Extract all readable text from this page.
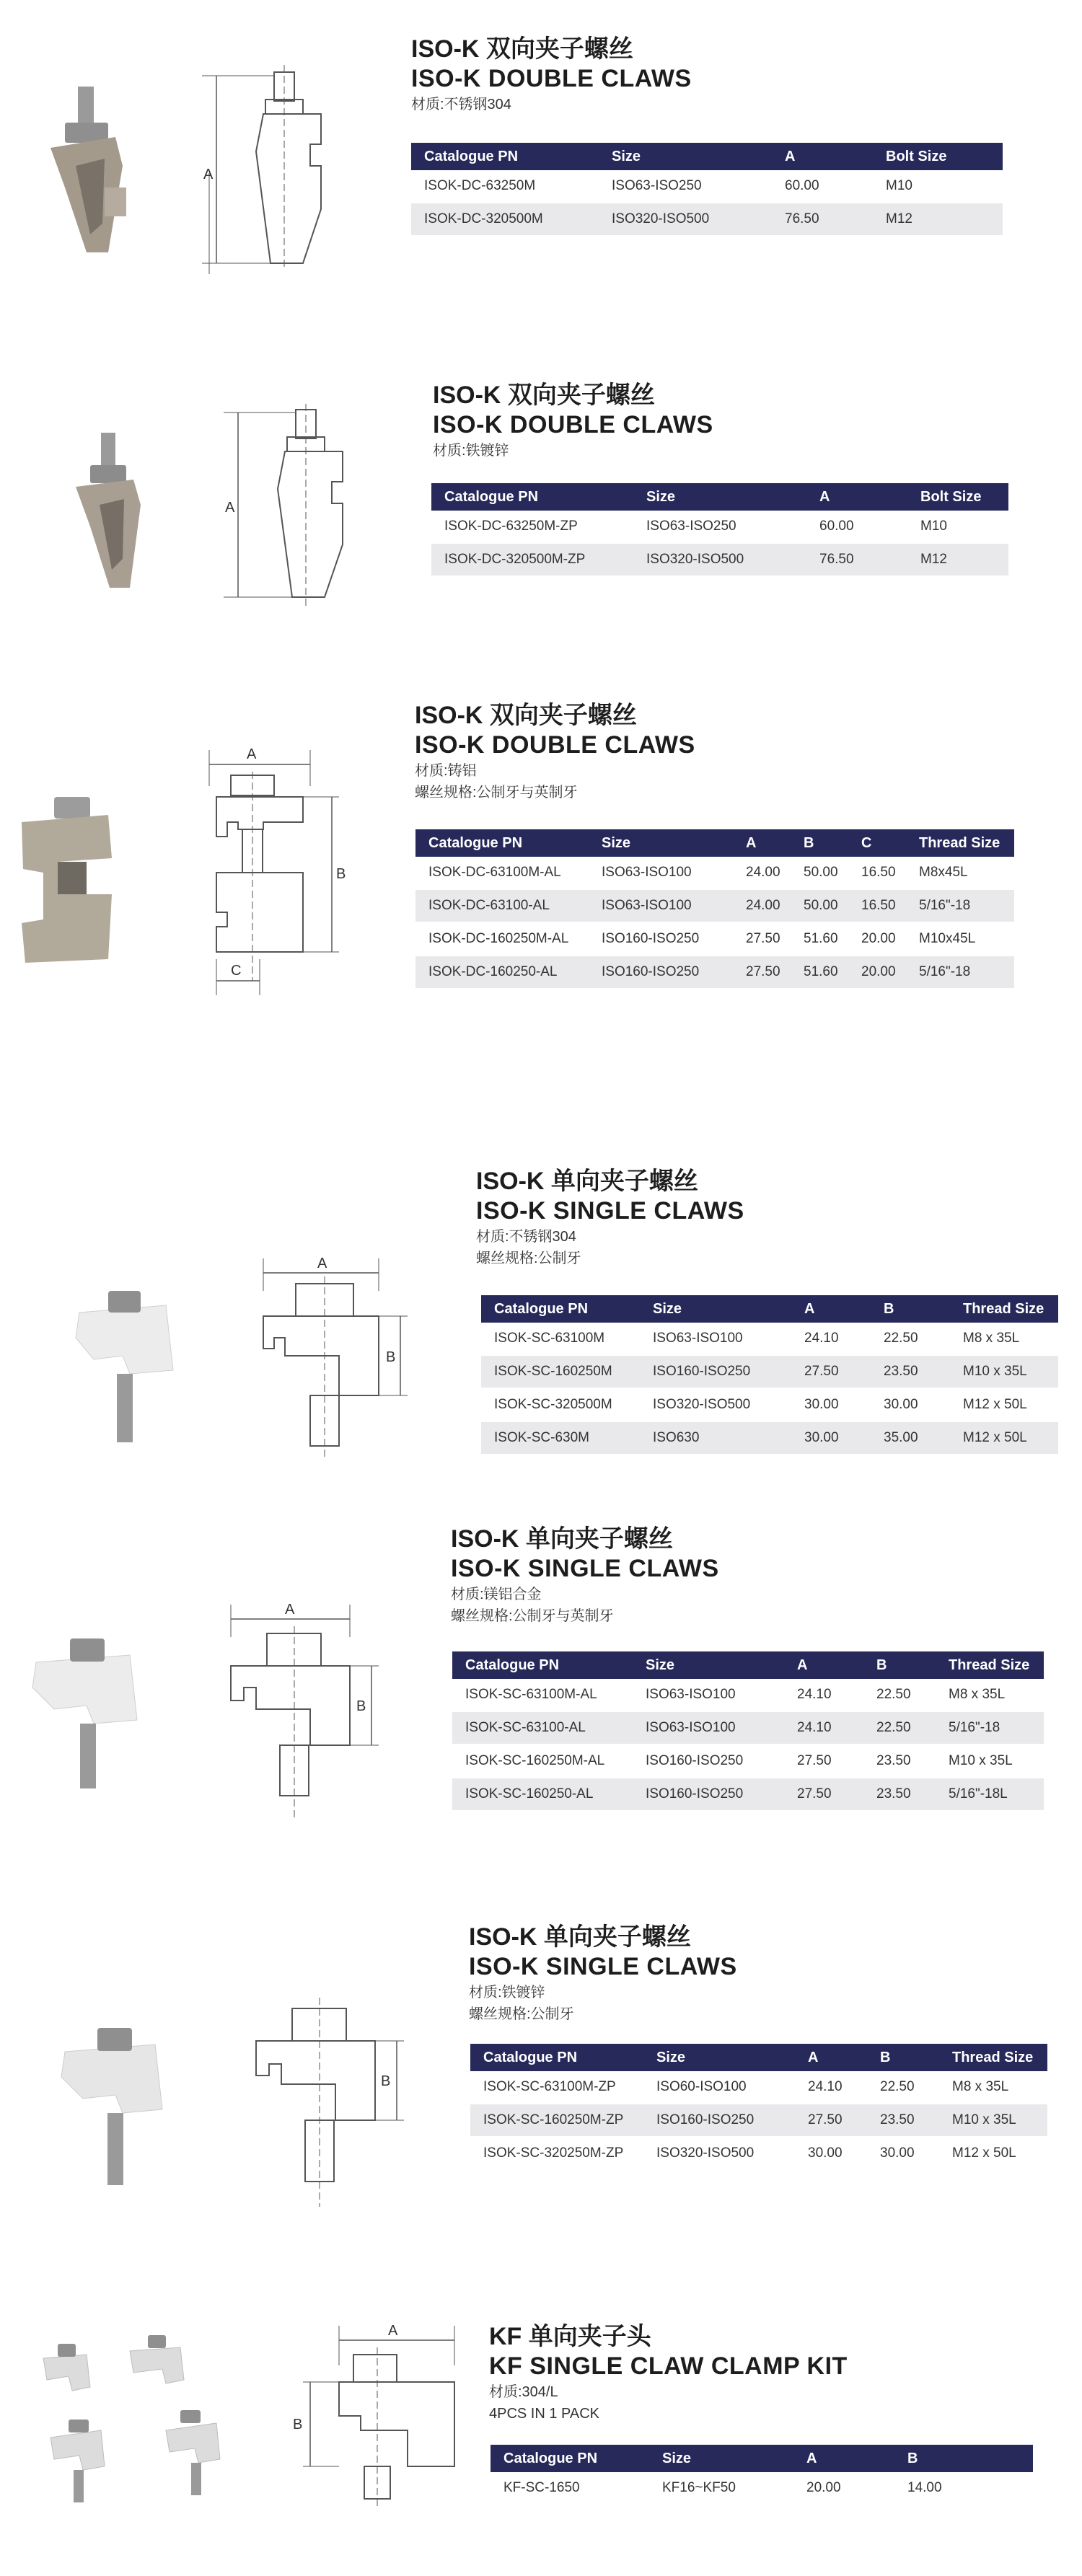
A
ISO-K 双向夹子螺丝
ISO-K DOUBLE CLAWS
材质:不锈钢304
Catalogue PN	Size	A	Bolt Size
ISOK-DC-63250M	ISO63-ISO250	60.00	M10
ISOK-DC-320500M	ISO320-ISO500	76.50	M12
A
ISO-K 双向夹子螺丝
ISO-K DOUBLE CLAWS
材质:铁镀锌
Catalogue PN	Size	A	Bolt Size
ISOK-DC-63250M-ZP	ISO63-ISO250	60.00	M10
ISOK-DC-320500M-ZP	ISO320-ISO500	76.50	M12
A
B
C
ISO-K 双向夹子螺丝
ISO-K DOUBLE CLAWS
材质:铸铝
螺丝规格:公制牙与英制牙
Catalogue PN	Size	A	B	C	Thread Size
ISOK-DC-63100M-AL	ISO63-ISO100	24.00	50.00	16.50	M8x45L
ISOK-DC-63100-AL	ISO63-ISO100	24.00	50.00	16.50	5/16"-18
ISOK-DC-160250M-AL	ISO160-ISO250	27.50	51.60	20.00	M10x45L
ISOK-DC-160250-AL	ISO160-ISO250	27.50	51.60	20.00	5/16"-18
A
B
ISO-K 单向夹子螺丝
ISO-K SINGLE CLAWS
材质:不锈钢304
螺丝规格:公制牙
Catalogue PN	Size	A	B	Thread Size
ISOK-SC-63100M	ISO63-ISO100	24.10	22.50	M8 x 35L
ISOK-SC-160250M	ISO160-ISO250	27.50	23.50	M10 x 35L
ISOK-SC-320500M	ISO320-ISO500	30.00	30.00	M12 x 50L
ISOK-SC-630M	ISO630	30.00	35.00	M12 x 50L
A
B
ISO-K 单向夹子螺丝
ISO-K SINGLE CLAWS
材质:镁铝合金
螺丝规格:公制牙与英制牙
Catalogue PN	Size	A	B	Thread Size
ISOK-SC-63100M-AL	ISO63-ISO100	24.10	22.50	M8 x 35L
ISOK-SC-63100-AL	ISO63-ISO100	24.10	22.50	5/16"-18
ISOK-SC-160250M-AL	ISO160-ISO250	27.50	23.50	M10 x 35L
ISOK-SC-160250-AL	ISO160-ISO250	27.50	23.50	5/16"-18L
B
ISO-K 单向夹子螺丝
ISO-K SINGLE CLAWS
材质:铁镀锌
螺丝规格:公制牙
Catalogue PN	Size	A	B	Thread Size
ISOK-SC-63100M-ZP	ISO60-ISO100	24.10	22.50	M8 x 35L
ISOK-SC-160250M-ZP	ISO160-ISO250	27.50	23.50	M10 x 35L
ISOK-SC-320250M-ZP	ISO320-ISO500	30.00	30.00	M12 x 50L
A
B
KF 单向夹子头
KF SINGLE CLAW CLAMP KIT
材质:304/L
4PCS IN 1 PACK
Catalogue PN	Size	A	B
KF-SC-1650	KF16~KF50	20.00	14.00
